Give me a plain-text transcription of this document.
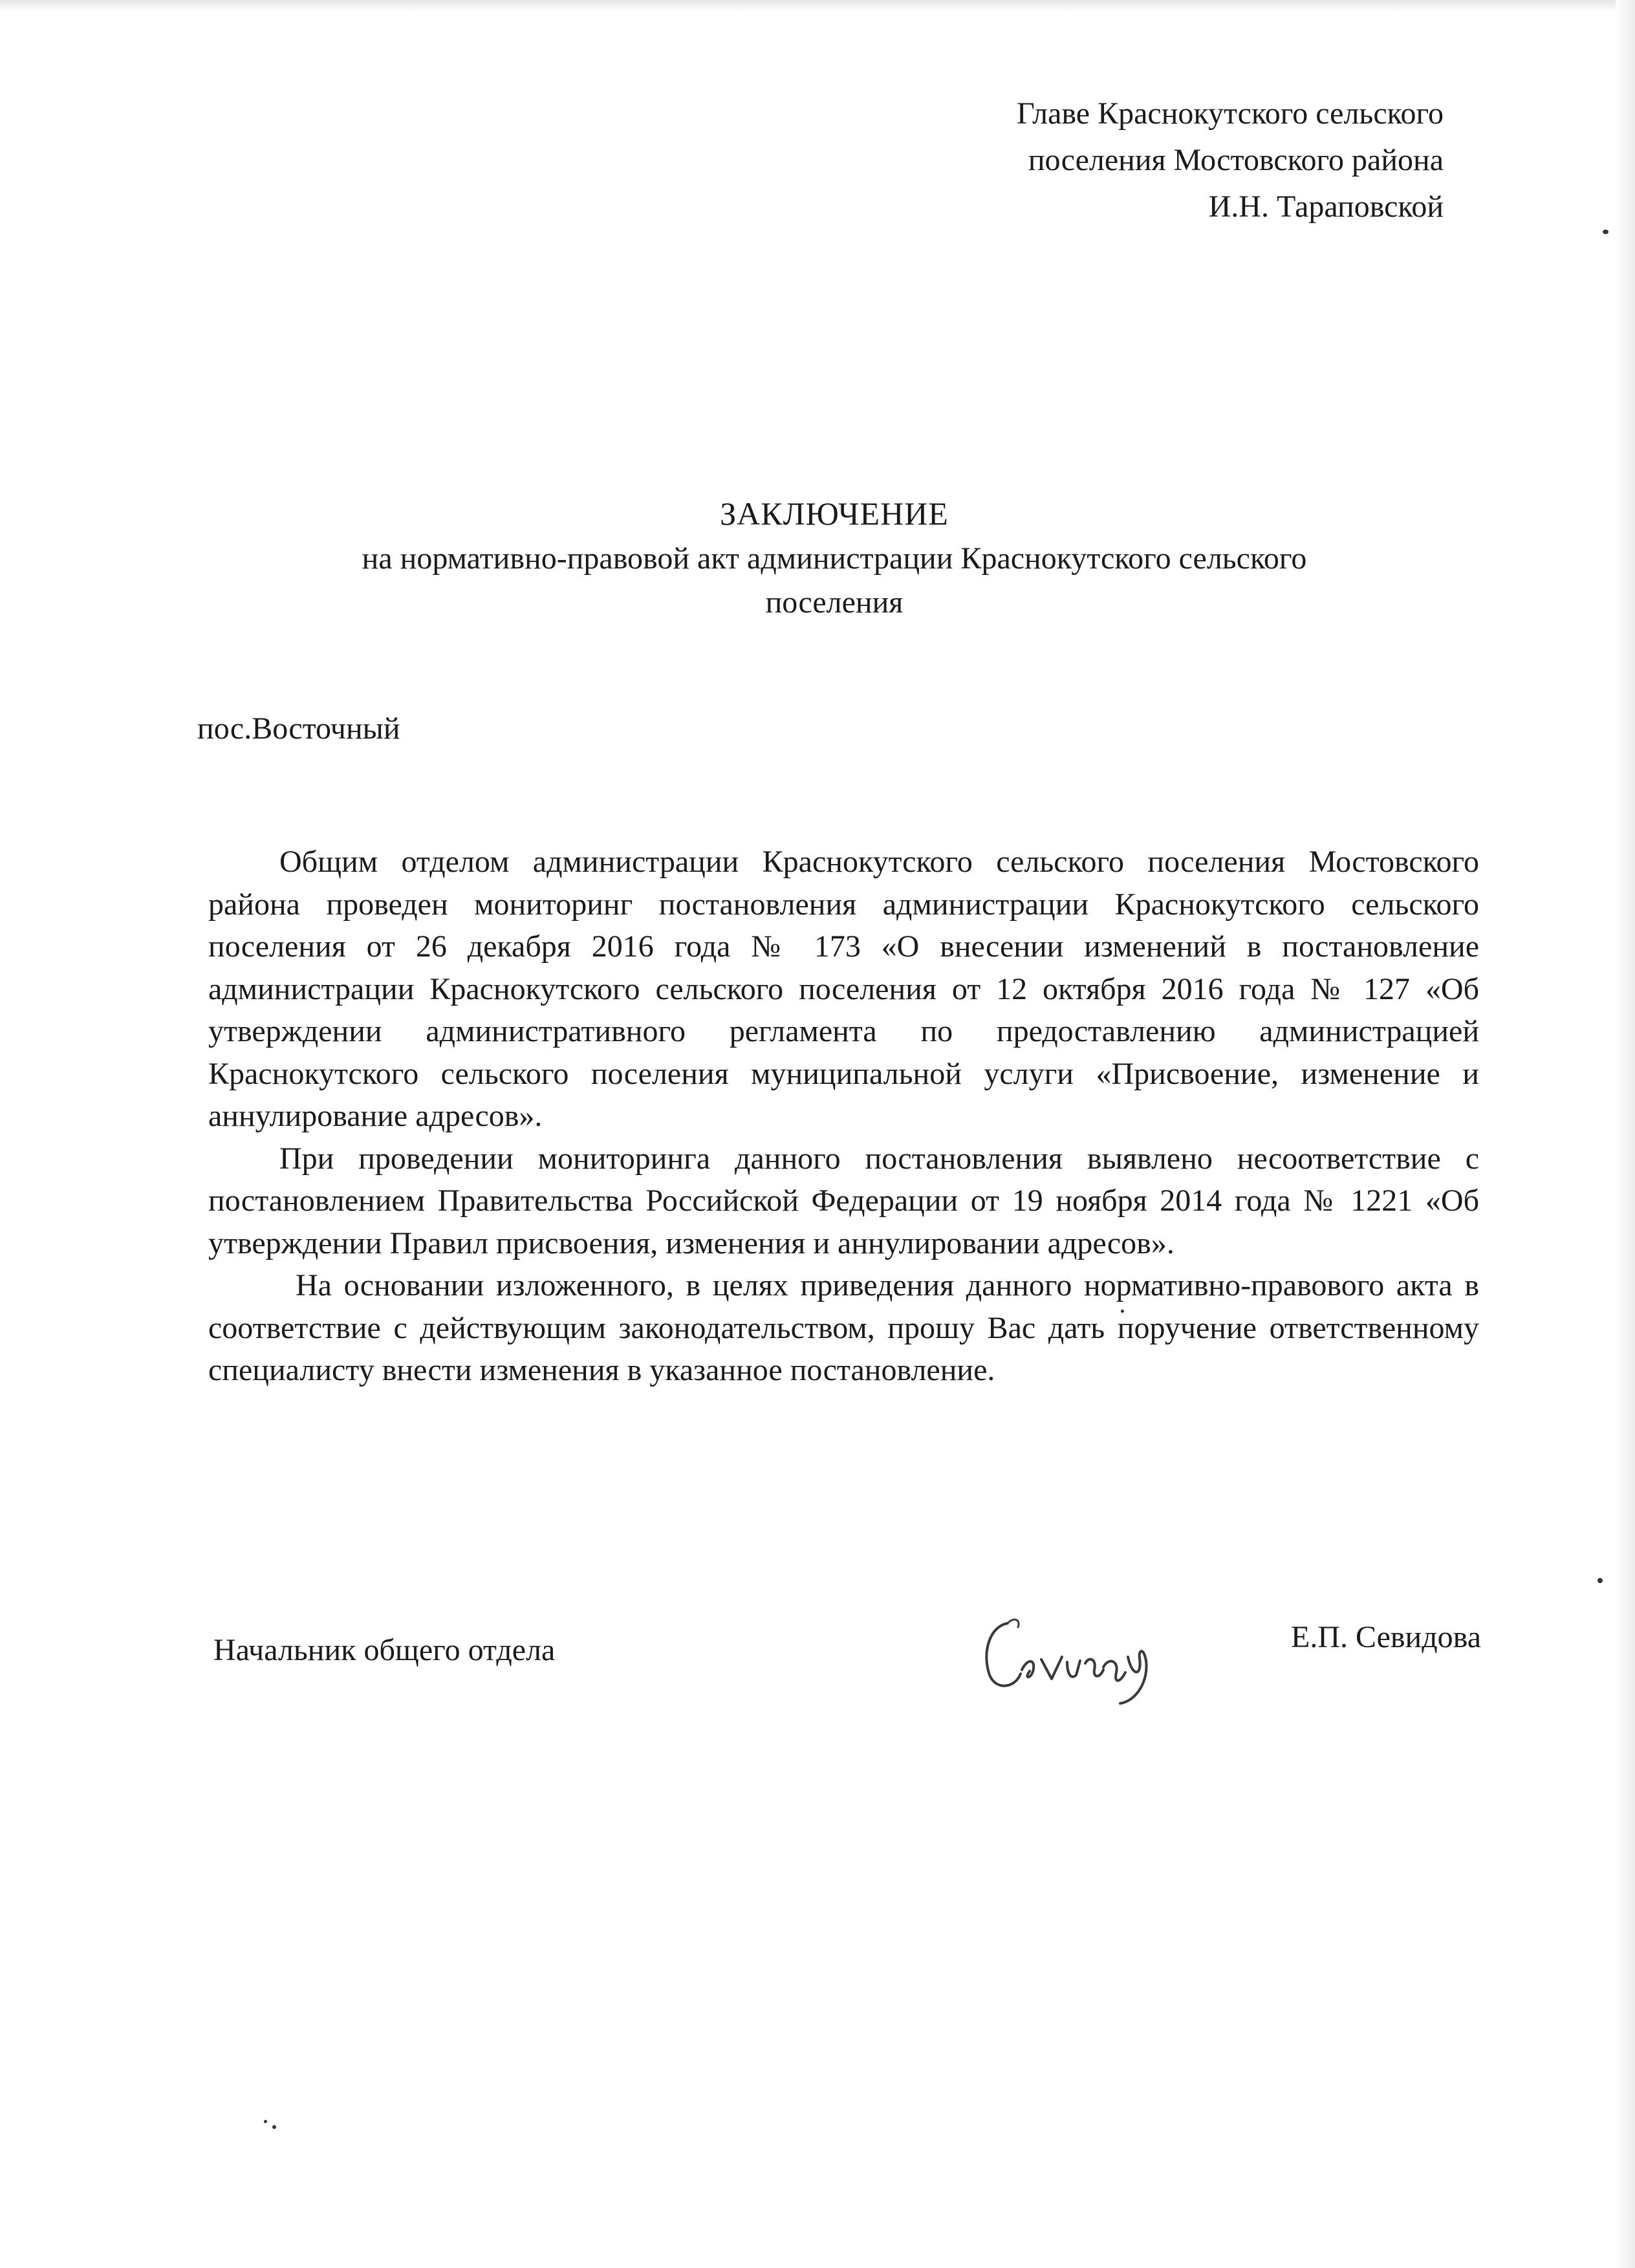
Главе Краснокутского сельского
поселения Мостовского района
И.Н. Тараповской
ЗАКЛЮЧЕНИЕ
на нормативно-правовой акт администрации Краснокутского сельского
поселения
пос.Восточный

Общим отделом администрации Краснокутского сельского поселения Мостовского района проведен мониторинг постановления администрации Краснокутского сельского поселения от 26 декабря 2016 года № 173 «О внесении изменений в постановление администрации Краснокутского сельского поселения от 12 октября 2016 года № 127 «Об утверждении административного регламента по предоставлению администрацией Краснокутского сельского поселения муниципальной услуги «Присвоение, изменение и аннулирование адресов».

При проведении мониторинга данного постановления выявлено несоответствие с постановлением Правительства Российской Федерации от 19 ноября 2014 года № 1221 «Об утверждении Правил присвоения, изменения и аннулировании адресов».

На основании изложенного, в целях приведения данного нормативно-правового акта в соответствие с действующим законодательством, прошу Вас дать поручение ответственному специалисту внести изменения в указанное постановление.

Начальник общего отдела	Е.П. Севидова
